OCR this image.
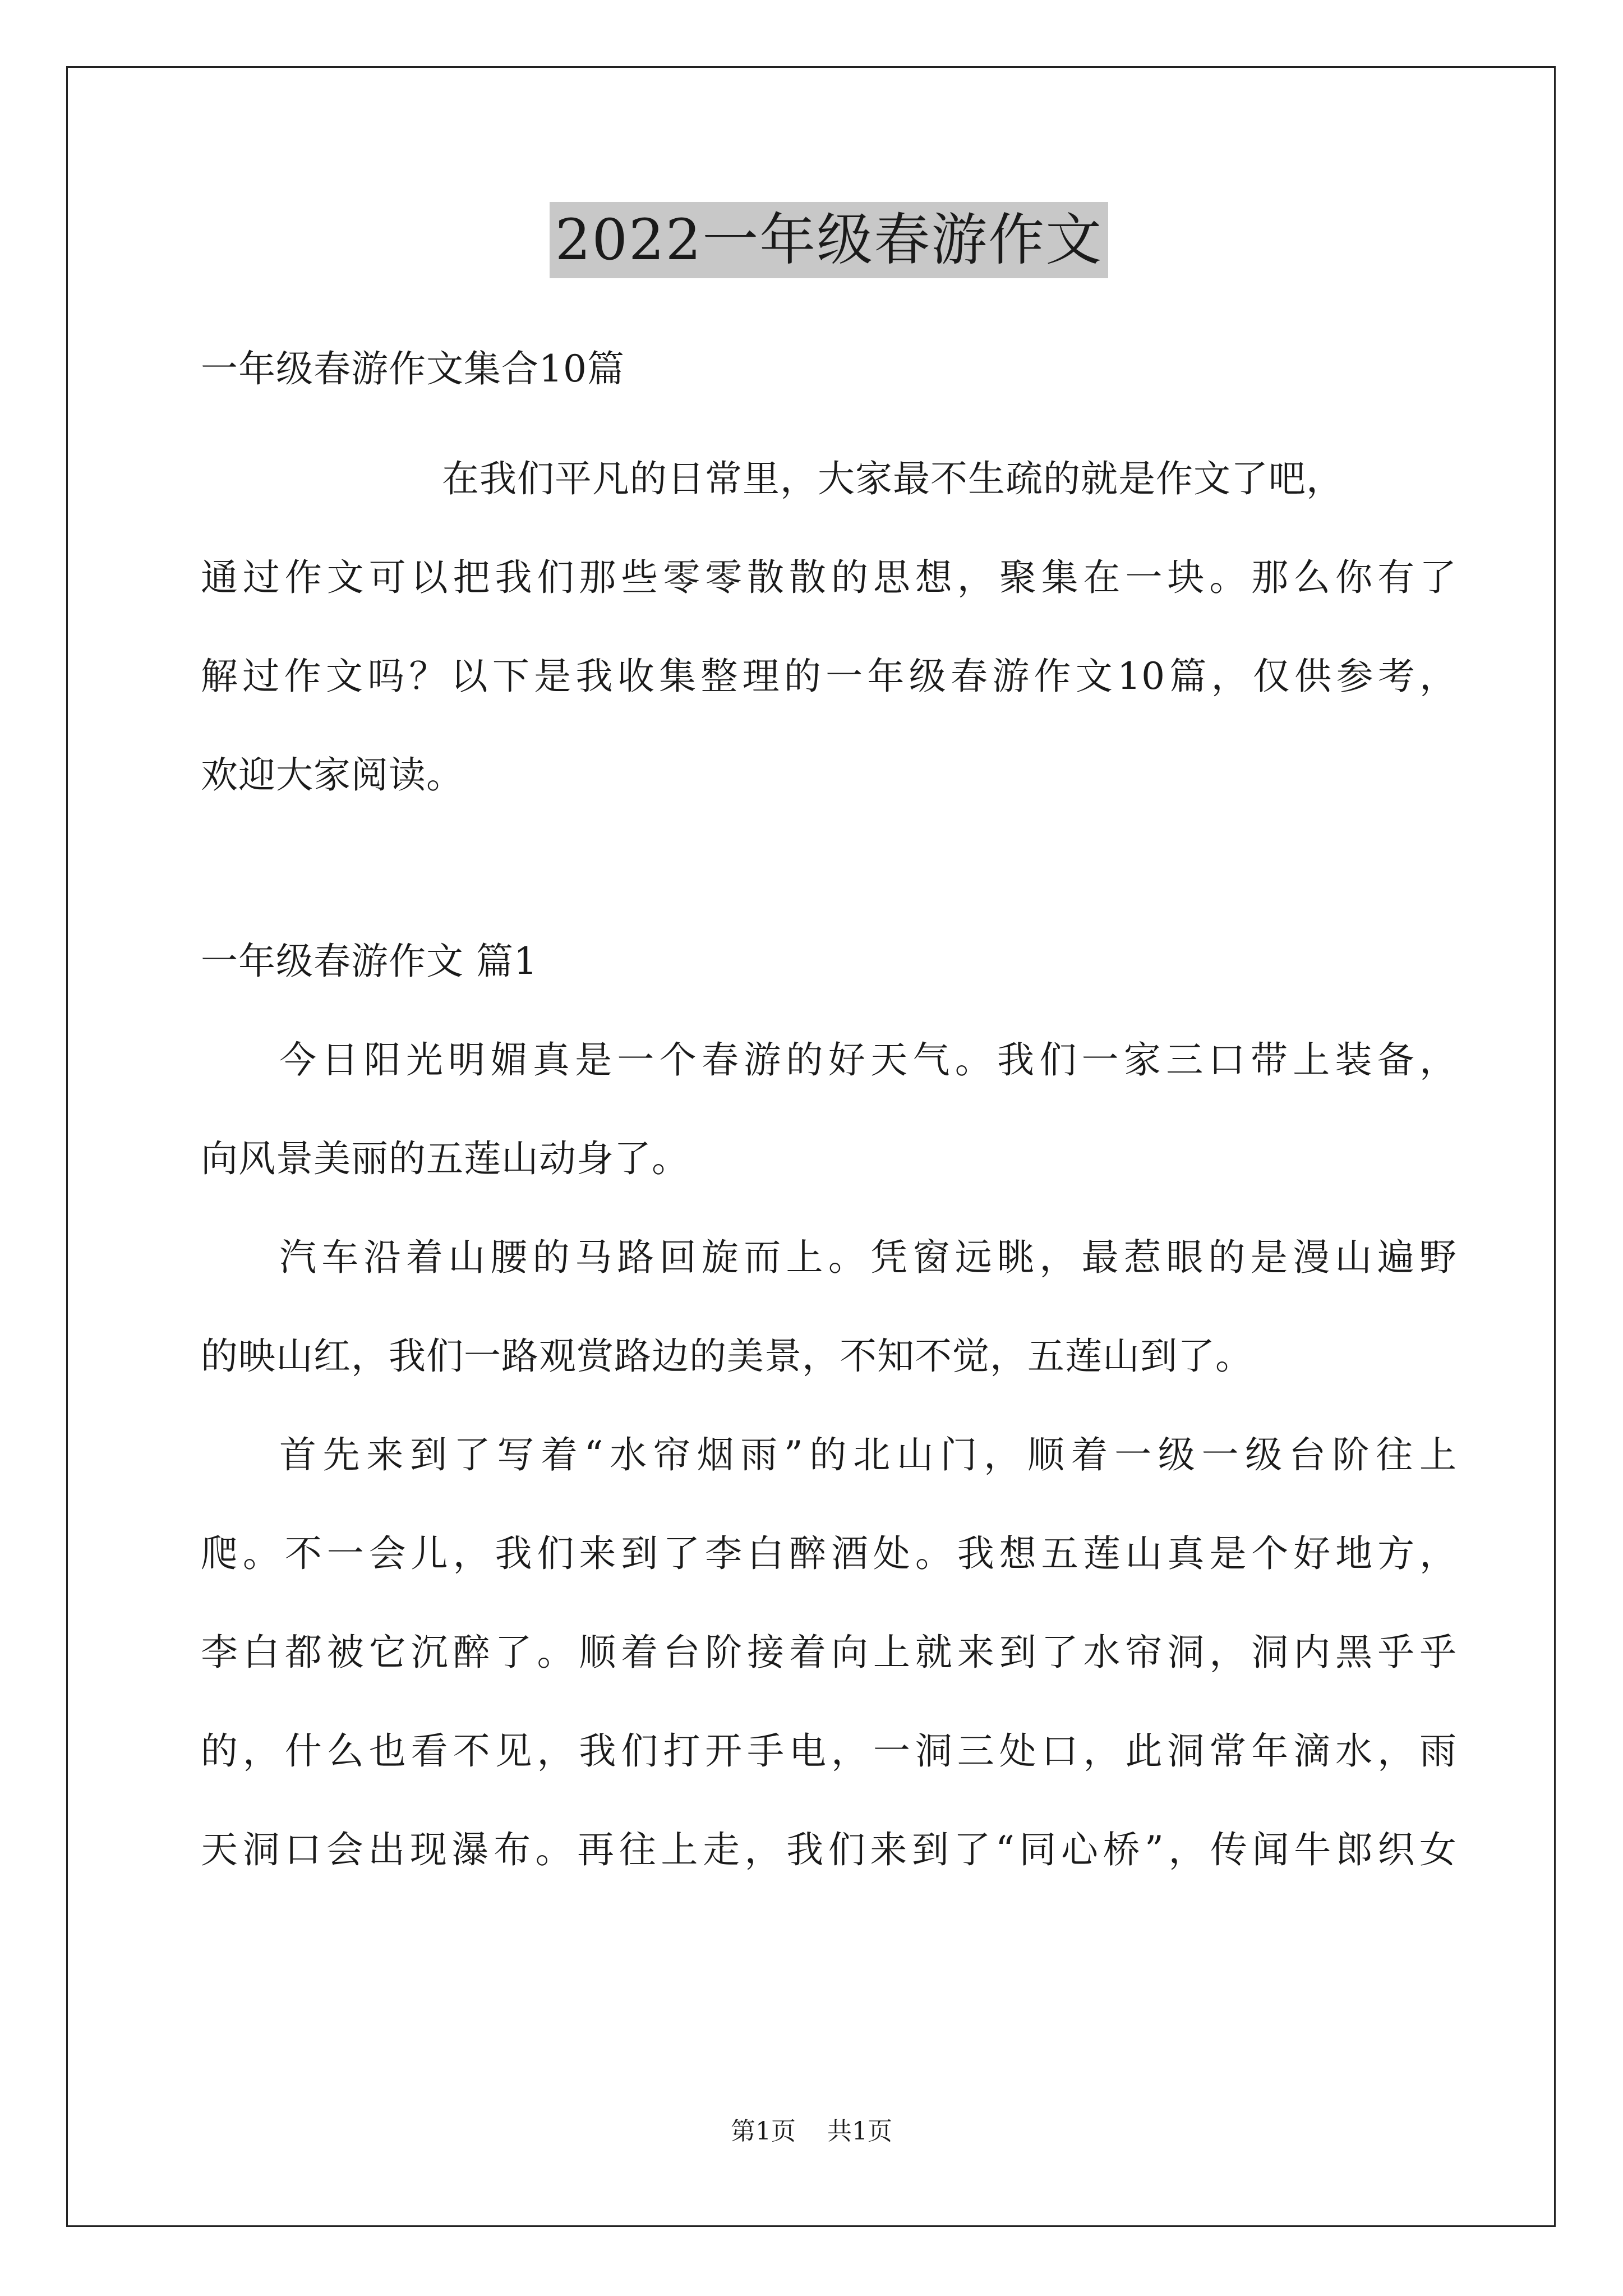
2022一年级春游作文
一年级春游作文集合10篇
在我们平凡的日常里，大家最不生疏的就是作文了吧，
通过作文可以把我们那些零零散散的思想，聚集在一块。那么你有了
解过作文吗？以下是我收集整理的一年级春游作文10篇，仅供参考，
欢迎大家阅读。
一年级春游作文 篇1
今日阳光明媚真是一个春游的好天气。我们一家三口带上装备，
向风景美丽的五莲山动身了。
汽车沿着山腰的马路回旋而上。凭窗远眺，最惹眼的是漫山遍野
的映山红，我们一路观赏路边的美景，不知不觉，五莲山到了。
首先来到了写着“水帘烟雨”的北山门，顺着一级一级台阶往上
爬。不一会儿，我们来到了李白醉酒处。我想五莲山真是个好地方，
李白都被它沉醉了。顺着台阶接着向上就来到了水帘洞，洞内黑乎乎
的，什么也看不见，我们打开手电，一洞三处口，此洞常年滴水，雨
天洞口会出现瀑布。再往上走，我们来到了“同心桥”，传闻牛郎织女
第1页 共1页
